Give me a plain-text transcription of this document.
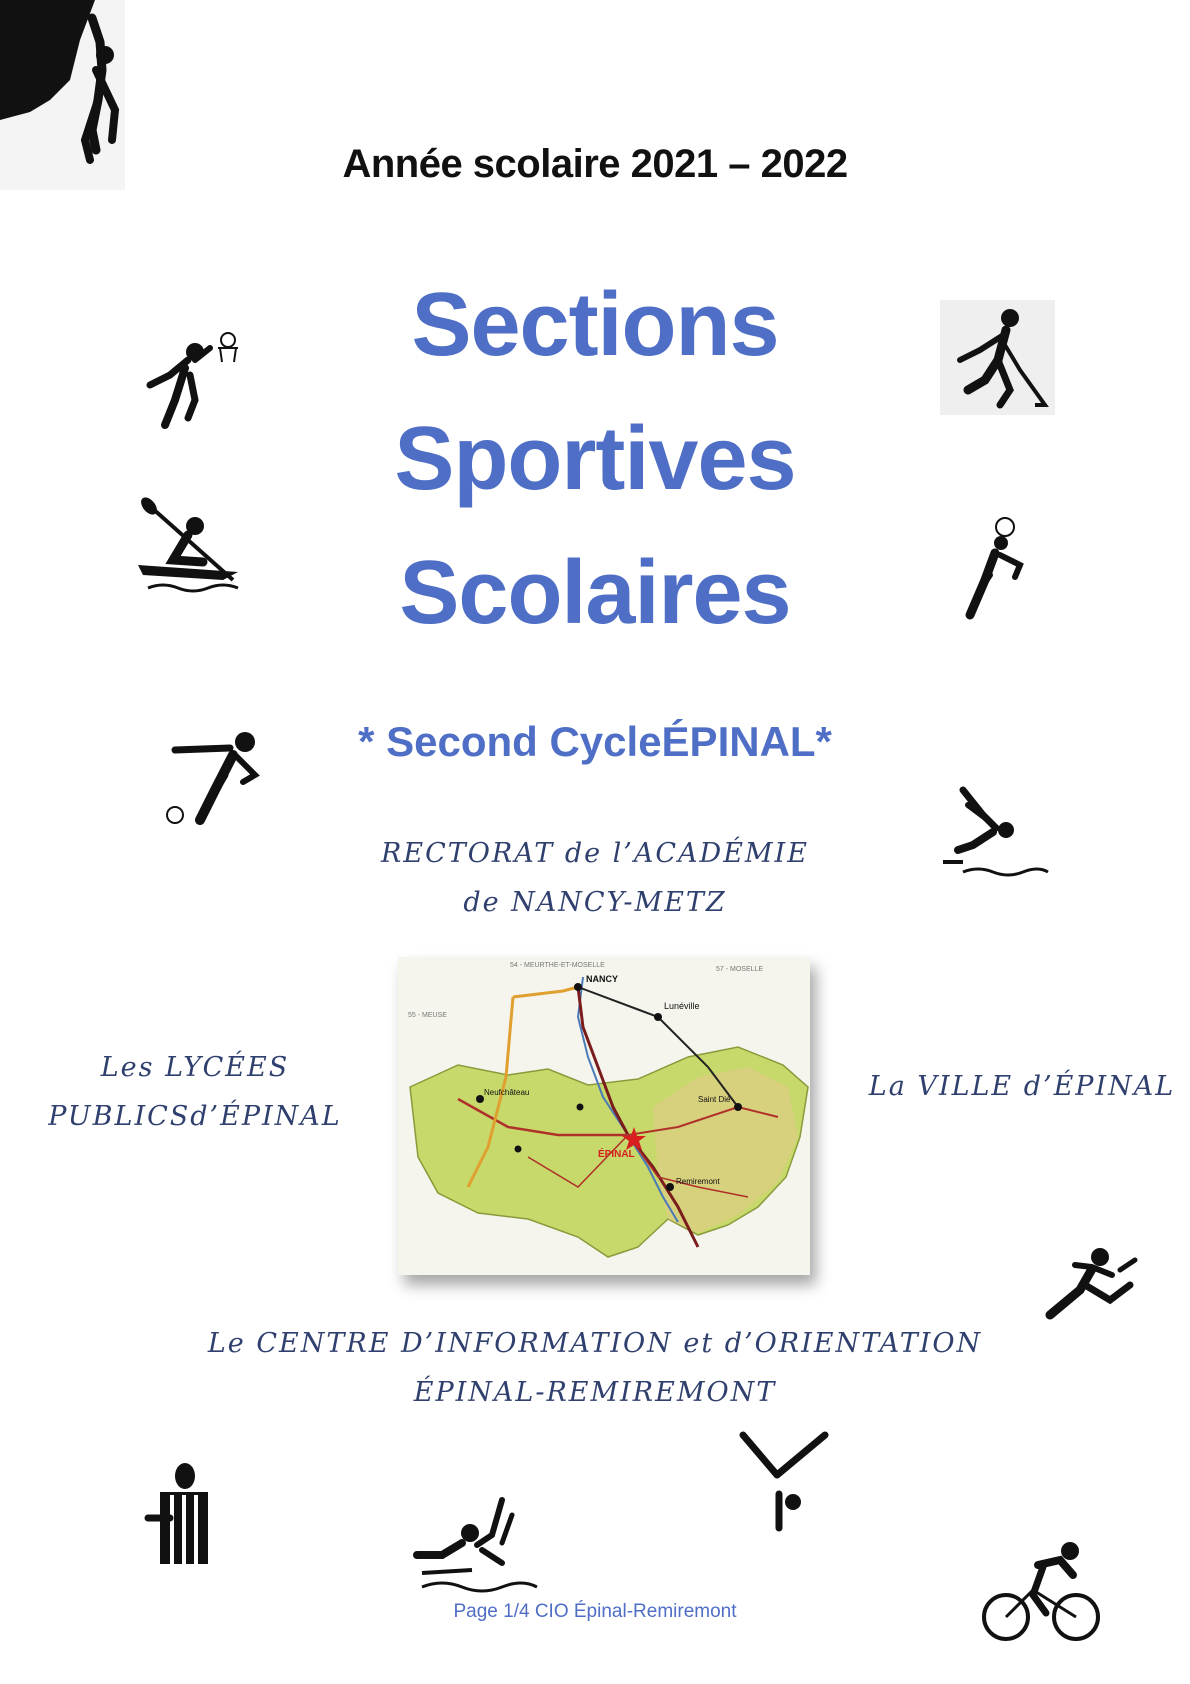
Année scolaire 2021 – 2022
Sections
Sportives
Scolaires
* Second CycleÉPINAL*
RECTORAT de l’ACADÉMIE
de NANCY-METZ
Les LYCÉES
PUBLICSd’ÉPINAL
La VILLE d’ÉPINAL
NANCY
Lunéville
Neufchâteau
ÉPINAL
Saint Dié
Remiremont
54 - MEURTHE-ET-MOSELLE
57 - MOSELLE
55 - MEUSE
Le CENTRE D’INFORMATION et d’ORIENTATION
ÉPINAL-REMIREMONT
Page 1/4 CIO Épinal-Remiremont
